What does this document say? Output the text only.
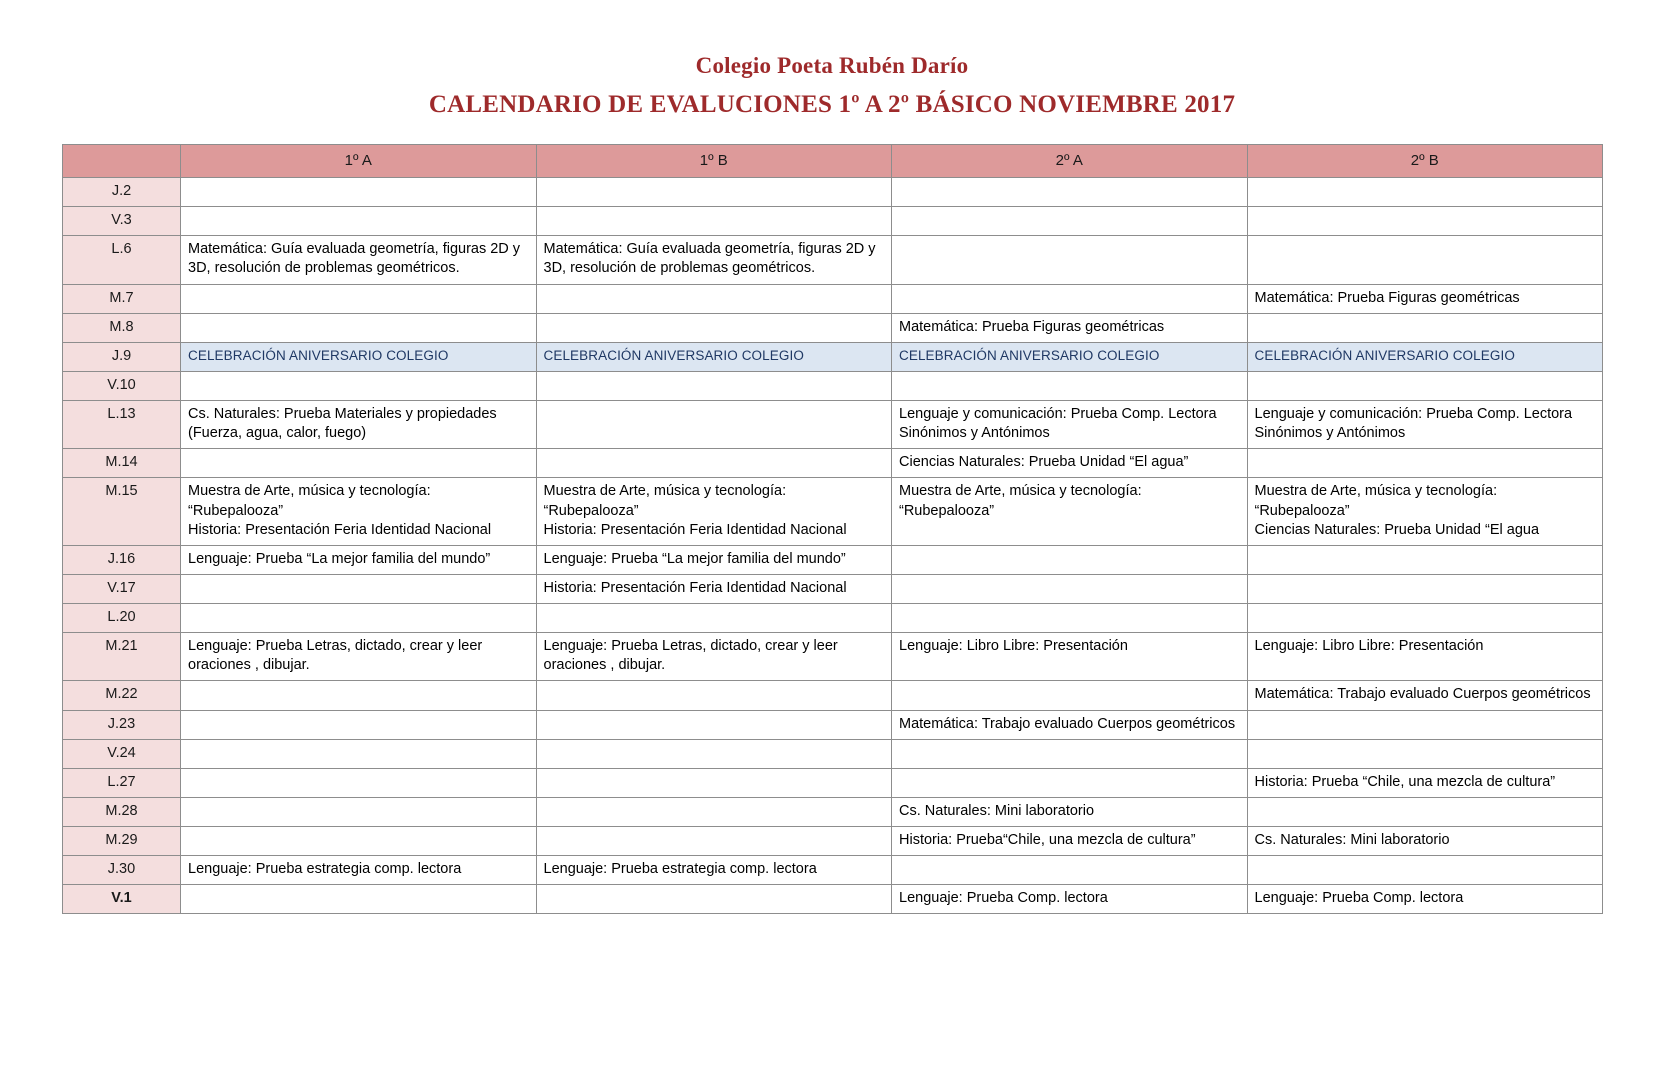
Colegio Poeta Rubén Darío
CALENDARIO DE EVALUCIONES 1º A 2º BÁSICO NOVIEMBRE 2017
	1º A	1º B	2º A	2º B
J.2				
V.3				
L.6	Matemática: Guía evaluada geometría, figuras 2D y 3D, resolución de problemas geométricos.	Matemática: Guía evaluada geometría, figuras 2D y 3D, resolución de problemas geométricos.		

M.7				Matemática: Prueba Figuras geométricas

M.8			Matemática: Prueba Figuras geométricas	

J.9	CELEBRACIÓN ANIVERSARIO COLEGIO	CELEBRACIÓN ANIVERSARIO COLEGIO	CELEBRACIÓN ANIVERSARIO COLEGIO	CELEBRACIÓN ANIVERSARIO COLEGIO

V.10				
L.13	Cs. Naturales: Prueba Materiales y propiedades (Fuerza, agua, calor, fuego)		Lenguaje y comunicación: Prueba Comp. Lectora Sinónimos y Antónimos	Lenguaje y comunicación: Prueba Comp. Lectora Sinónimos y Antónimos

M.14			Ciencias Naturales: Prueba Unidad “El agua”	

M.15	Muestra de Arte, música y tecnología: “Rubepalooza”
Historia: Presentación Feria Identidad Nacional	Muestra de Arte, música y tecnología: “Rubepalooza”
Historia: Presentación Feria Identidad Nacional	Muestra de Arte, música y tecnología: “Rubepalooza”	Muestra de Arte, música y tecnología: “Rubepalooza”
Ciencias Naturales: Prueba Unidad “El agua

J.16	Lenguaje: Prueba “La mejor familia del mundo”	Lenguaje: Prueba “La mejor familia del mundo”		

V.17		Historia: Presentación Feria Identidad Nacional		

L.20				
M.21	Lenguaje: Prueba Letras, dictado, crear y leer oraciones , dibujar.	Lenguaje: Prueba Letras, dictado, crear y leer oraciones , dibujar.	Lenguaje: Libro Libre: Presentación	Lenguaje: Libro Libre: Presentación

M.22				Matemática: Trabajo evaluado Cuerpos geométricos

J.23			Matemática: Trabajo evaluado Cuerpos geométricos	

V.24				
L.27				Historia: Prueba “Chile, una mezcla de cultura”

M.28			Cs. Naturales: Mini laboratorio	

M.29			Historia: Prueba“Chile, una mezcla de cultura”	Cs. Naturales: Mini laboratorio

J.30	Lenguaje: Prueba estrategia comp. lectora	Lenguaje: Prueba estrategia comp. lectora		

V.1			Lenguaje: Prueba Comp. lectora	Lenguaje: Prueba Comp. lectora
